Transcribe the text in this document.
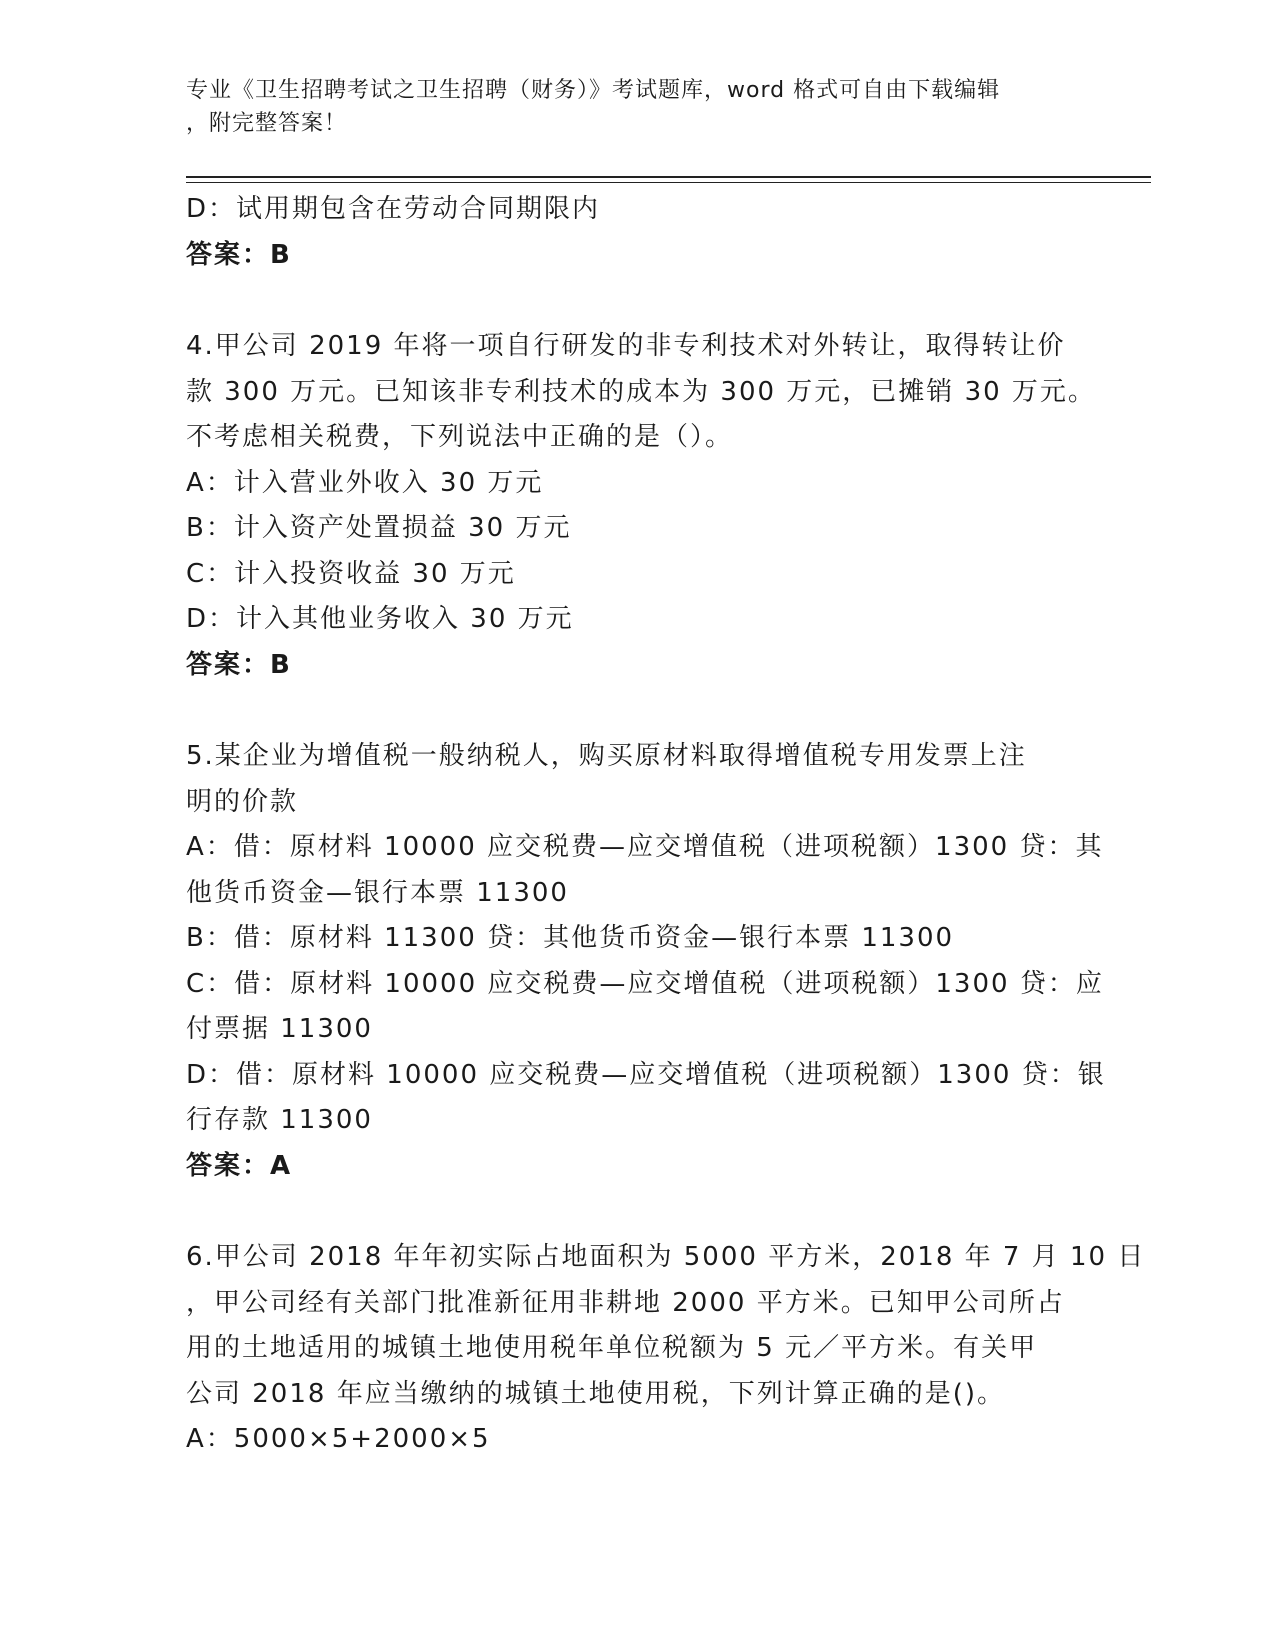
专业《卫生招聘考试之卫生招聘（财务）》考试题库，word 格式可自由下载编辑
，附完整答案！
D：试用期包含在劳动合同期限内
答案：B
4.甲公司 2019 年将一项自行研发的非专利技术对外转让，取得转让价
款 300 万元。已知该非专利技术的成本为 300 万元，已摊销 30 万元。
不考虑相关税费，下列说法中正确的是（）。
A：计入营业外收入 30 万元
B：计入资产处置损益 30 万元
C：计入投资收益 30 万元
D：计入其他业务收入 30 万元
答案：B
5.某企业为增值税一般纳税人，购买原材料取得增值税专用发票上注
明的价款
A：借：原材料 10000 应交税费—应交增值税（进项税额）1300 贷：其
他货币资金—银行本票 11300
B：借：原材料 11300 贷：其他货币资金—银行本票 11300
C：借：原材料 10000 应交税费—应交增值税（进项税额）1300 贷：应
付票据 11300
D：借：原材料 10000 应交税费—应交增值税（进项税额）1300 贷：银
行存款 11300
答案：A
6.甲公司 2018 年年初实际占地面积为 5000 平方米，2018 年 7 月 10 日
，甲公司经有关部门批准新征用非耕地 2000 平方米。已知甲公司所占
用的土地适用的城镇土地使用税年单位税额为 5 元／平方米。有关甲
公司 2018 年应当缴纳的城镇土地使用税，下列计算正确的是()。
A：5000×5+2000×5
